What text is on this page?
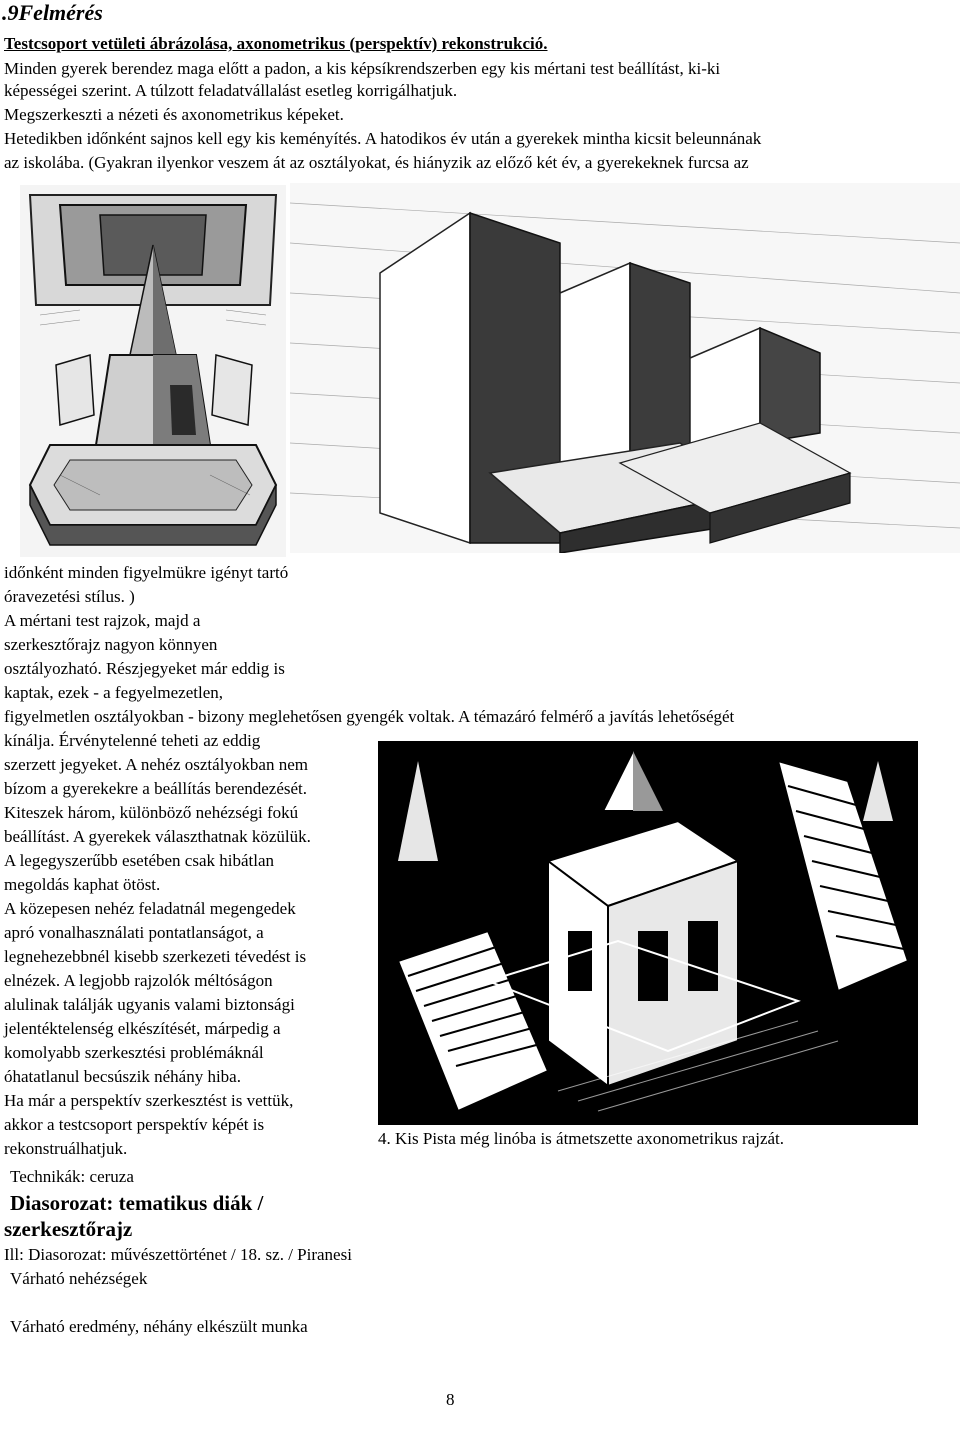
.9Felmérés
Testcsoport vetületi ábrázolása, axonometrikus (perspektív) rekonstrukció.
Minden gyerek berendez maga előtt a padon, a kis képsíkrendszerben egy kis mértani test beállítást, ki-ki
képességei szerint. A túlzott feladatvállalást esetleg korrigálhatjuk.
Megszerkeszti a nézeti és axonometrikus képeket.
Hetedikben időnként sajnos kell egy kis keményítés. A hatodikos év után a gyerekek mintha kicsit beleunnának
az iskolába. (Gyakran ilyenkor veszem át az osztályokat, és hiányzik az előző két év, a gyerekeknek furcsa az
időnként minden figyelmükre igényt tartó
óravezetési stílus. )
A mértani test rajzok, majd a
szerkesztőrajz nagyon könnyen
osztályozható. Részjegyeket már eddig is
kaptak, ezek - a fegyelmezetlen,
figyelmetlen osztályokban - bizony meglehetősen gyengék voltak. A témazáró felmérő a javítás lehetőségét
kínálja. Érvénytelenné teheti az eddig
szerzett jegyeket. A nehéz osztályokban nem
bízom a gyerekekre a beállítás berendezését.
Kiteszek három, különböző nehézségi fokú
beállítást. A gyerekek választhatnak közülük.
A legegyszerűbb esetében csak hibátlan
megoldás kaphat ötöst.
A közepesen nehéz feladatnál megengedek
apró vonalhasználati pontatlanságot, a
legnehezebbnél kisebb szerkezeti tévedést is
elnézek. A legjobb rajzolók méltóságon
alulinak találják ugyanis valami biztonsági
jelentéktelenség elkészítését, márpedig a
komolyabb szerkesztési problémáknál
óhatatlanul becsúszik néhány hiba.
Ha már a perspektív szerkesztést is vettük,
akkor a testcsoport perspektív képét is
rekonstruálhatjuk.
4. Kis Pista még linóba is átmetszette axonometrikus rajzát.
Technikák: ceruza
Diasorozat: tematikus diák /
szerkesztőrajz
Ill: Diasorozat: művészettörténet / 18. sz. / Piranesi
Várható nehézségek
Várható eredmény, néhány elkészült munka
8
